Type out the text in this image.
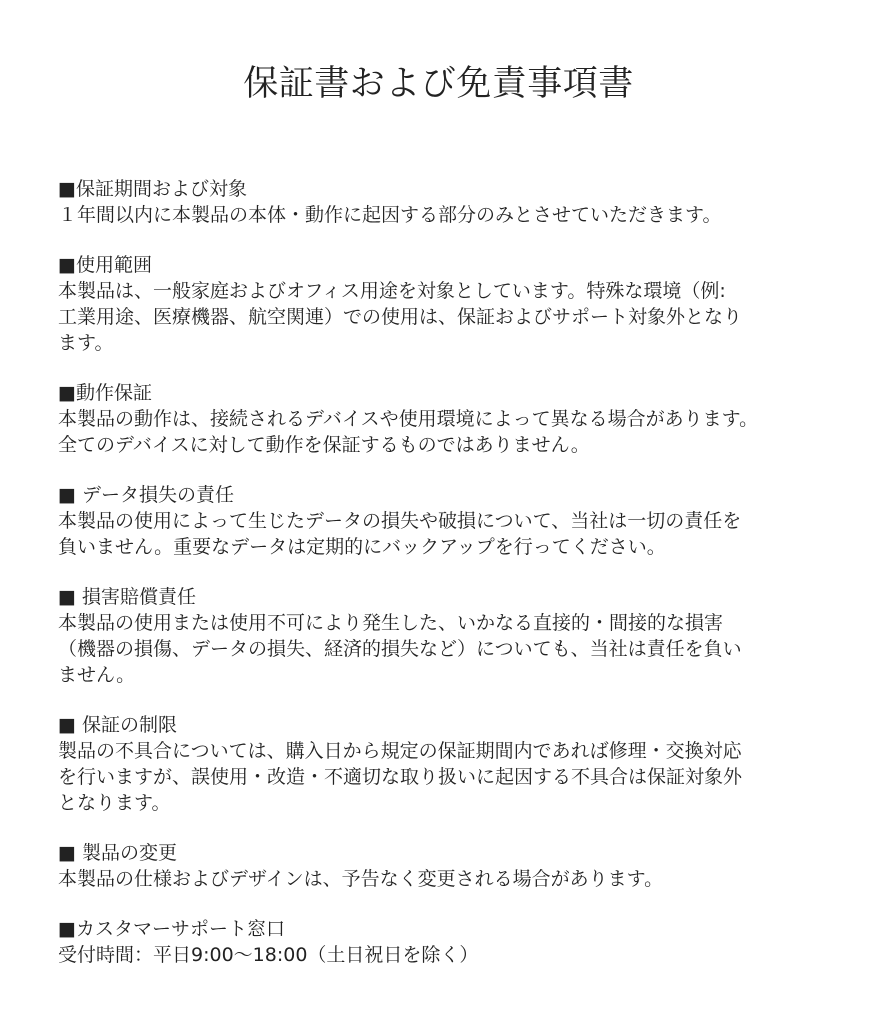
保証書および免責事項書

■保証期間および対象

１年間以内に本製品の本体・動作に起因する部分のみとさせていただきます。

■使用範囲

本製品は、一般家庭およびオフィス用途を対象としています。特殊な環境（例:
工業用途、医療機器、航空関連）での使用は、保証およびサポート対象外となり
ます。

■動作保証

本製品の動作は、接続されるデバイスや使用環境によって異なる場合があります。
全てのデバイスに対して動作を保証するものではありません。

■ データ損失の責任

本製品の使用によって生じたデータの損失や破損について、当社は一切の責任を
負いません。重要なデータは定期的にバックアップを行ってください。

■ 損害賠償責任

本製品の使用または使用不可により発生した、いかなる直接的・間接的な損害
（機器の損傷、データの損失、経済的損失など）についても、当社は責任を負い
ません。

■ 保証の制限

製品の不具合については、購入日から規定の保証期間内であれば修理・交換対応
を行いますが、誤使用・改造・不適切な取り扱いに起因する不具合は保証対象外
となります。

■ 製品の変更

本製品の仕様およびデザインは、予告なく変更される場合があります。

■カスタマーサポート窓口

受付時間：平日9:00〜18:00（土日祝日を除く）
